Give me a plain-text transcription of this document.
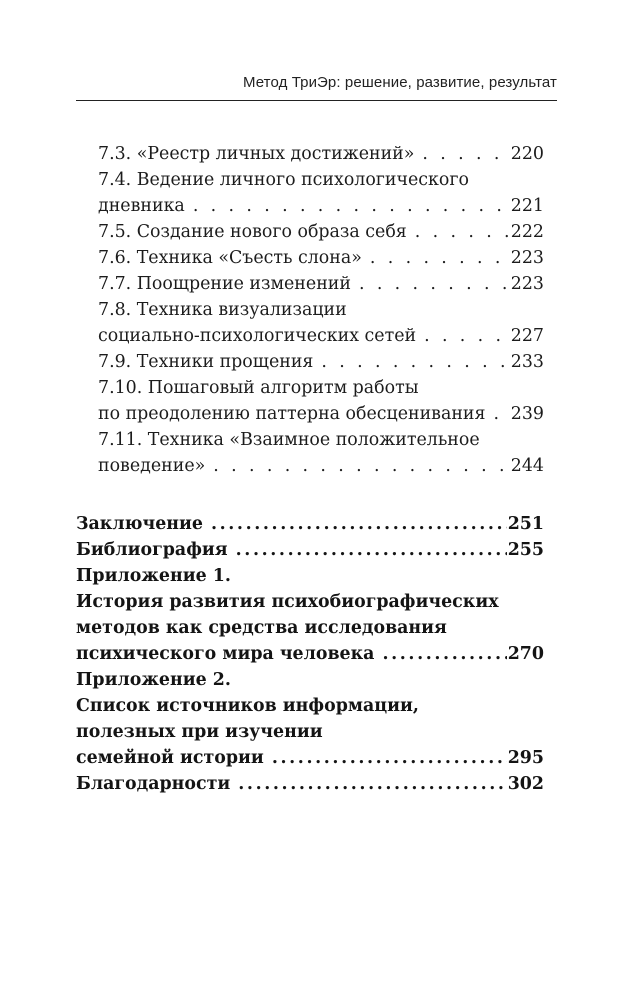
Метод ТриЭр: решение, развитие, результат
7.3. «Реестр личных достижений» . . .	220
7.4. Ведение личного психологического
дневника . . .	221
7.5. Создание нового образа себя . . .	222
7.6. Техника «Съесть слона» . . .	223
7.7. Поощрение изменений . . .	223
7.8. Техника визуализации
социально-психологических сетей . . .	227
7.9. Техники прощения . . .	233
7.10. Пошаговый алгоритм работы
по преодолению паттерна обесценивания . . . 239
7.11. Техника «Взаимное положительное
поведение» . . .	244
Заключение .....	251
Библиография .....	255
Приложение 1.
История развития психобиографических
методов как средства исследования
психического мира человека .....	270
Приложение 2.
Список источников информации,
полезных при изучении
семейной истории .....	295
Благодарности .....	302
